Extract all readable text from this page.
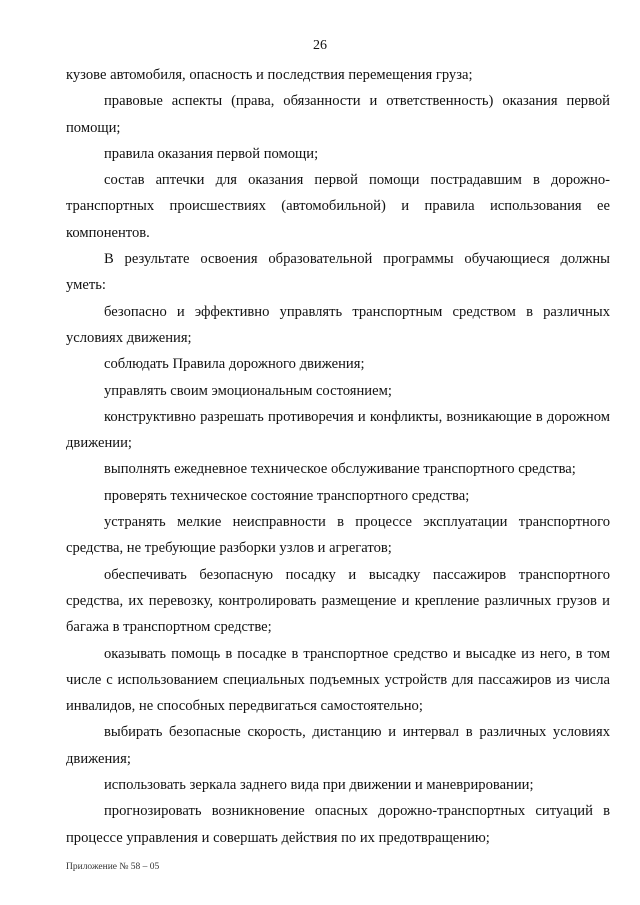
26

кузове автомобиля, опасность и последствия перемещения груза;

правовые аспекты (права, обязанности и ответственность) оказания первой помощи;

правила оказания первой помощи;

состав аптечки для оказания первой помощи пострадавшим в дорожно-транспортных происшествиях (автомобильной) и правила использования ее компонентов.

В результате освоения образовательной программы обучающиеся должны уметь:

безопасно и эффективно управлять транспортным средством в различных условиях движения;

соблюдать Правила дорожного движения;

управлять своим эмоциональным состоянием;

конструктивно разрешать противоречия и конфликты, возникающие в дорожном движении;

выполнять ежедневное техническое обслуживание транспортного средства;

проверять техническое состояние транспортного средства;

устранять мелкие неисправности в процессе эксплуатации транспортного средства, не требующие разборки узлов и агрегатов;

обеспечивать безопасную посадку и высадку пассажиров транспортного средства, их перевозку, контролировать размещение и крепление различных грузов и багажа в транспортном средстве;

оказывать помощь в посадке в транспортное средство и высадке из него, в том числе с использованием специальных подъемных устройств для пассажиров из числа инвалидов, не способных передвигаться самостоятельно;

выбирать безопасные скорость, дистанцию и интервал в различных условиях движения;

использовать зеркала заднего вида при движении и маневрировании;

прогнозировать возникновение опасных дорожно-транспортных ситуаций в процессе управления и совершать действия по их предотвращению;

Приложение № 58 – 05
